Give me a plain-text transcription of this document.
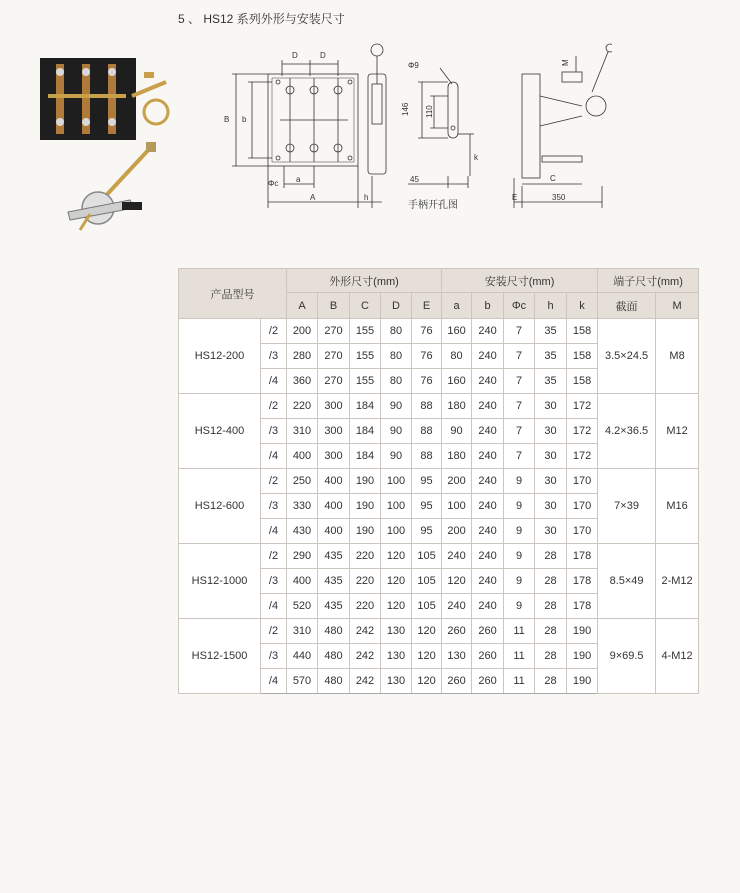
5 、 HS12 系列外形与安装尺寸
D	D
B b
Φc a
A	h
Φ9
146 110
k
45
手柄开孔图
M
C
E	350
产品型号		外形尺寸(mm)					安装尺寸(mm)					端子尺寸(mm)	
		A	B	C	D	E	a	b	Φc	h	k	截面	M
HS12-200	/2	200	270	155	80	76	160	240	7	35	158	3.5×24.5	M8
	/3	280	270	155	80	76	80	240	7	35	158		
	/4	360	270	155	80	76	160	240	7	35	158		
HS12-400	/2	220	300	184	90	88	180	240	7	30	172	4.2×36.5	M12
	/3	310	300	184	90	88	90	240	7	30	172		
	/4	400	300	184	90	88	180	240	7	30	172		
HS12-600	/2	250	400	190	100	95	200	240	9	30	170	7×39	M16
	/3	330	400	190	100	95	100	240	9	30	170		
	/4	430	400	190	100	95	200	240	9	30	170		
HS12-1000	/2	290	435	220	120	105	240	240	9	28	178	8.5×49	2-M12
	/3	400	435	220	120	105	120	240	9	28	178		
	/4	520	435	220	120	105	240	240	9	28	178		
HS12-1500	/2	310	480	242	130	120	260	260	11	28	190	9×69.5	4-M12
	/3	440	480	242	130	120	130	260	11	28	190		
	/4	570	480	242	130	120	260	260	11	28	190		
